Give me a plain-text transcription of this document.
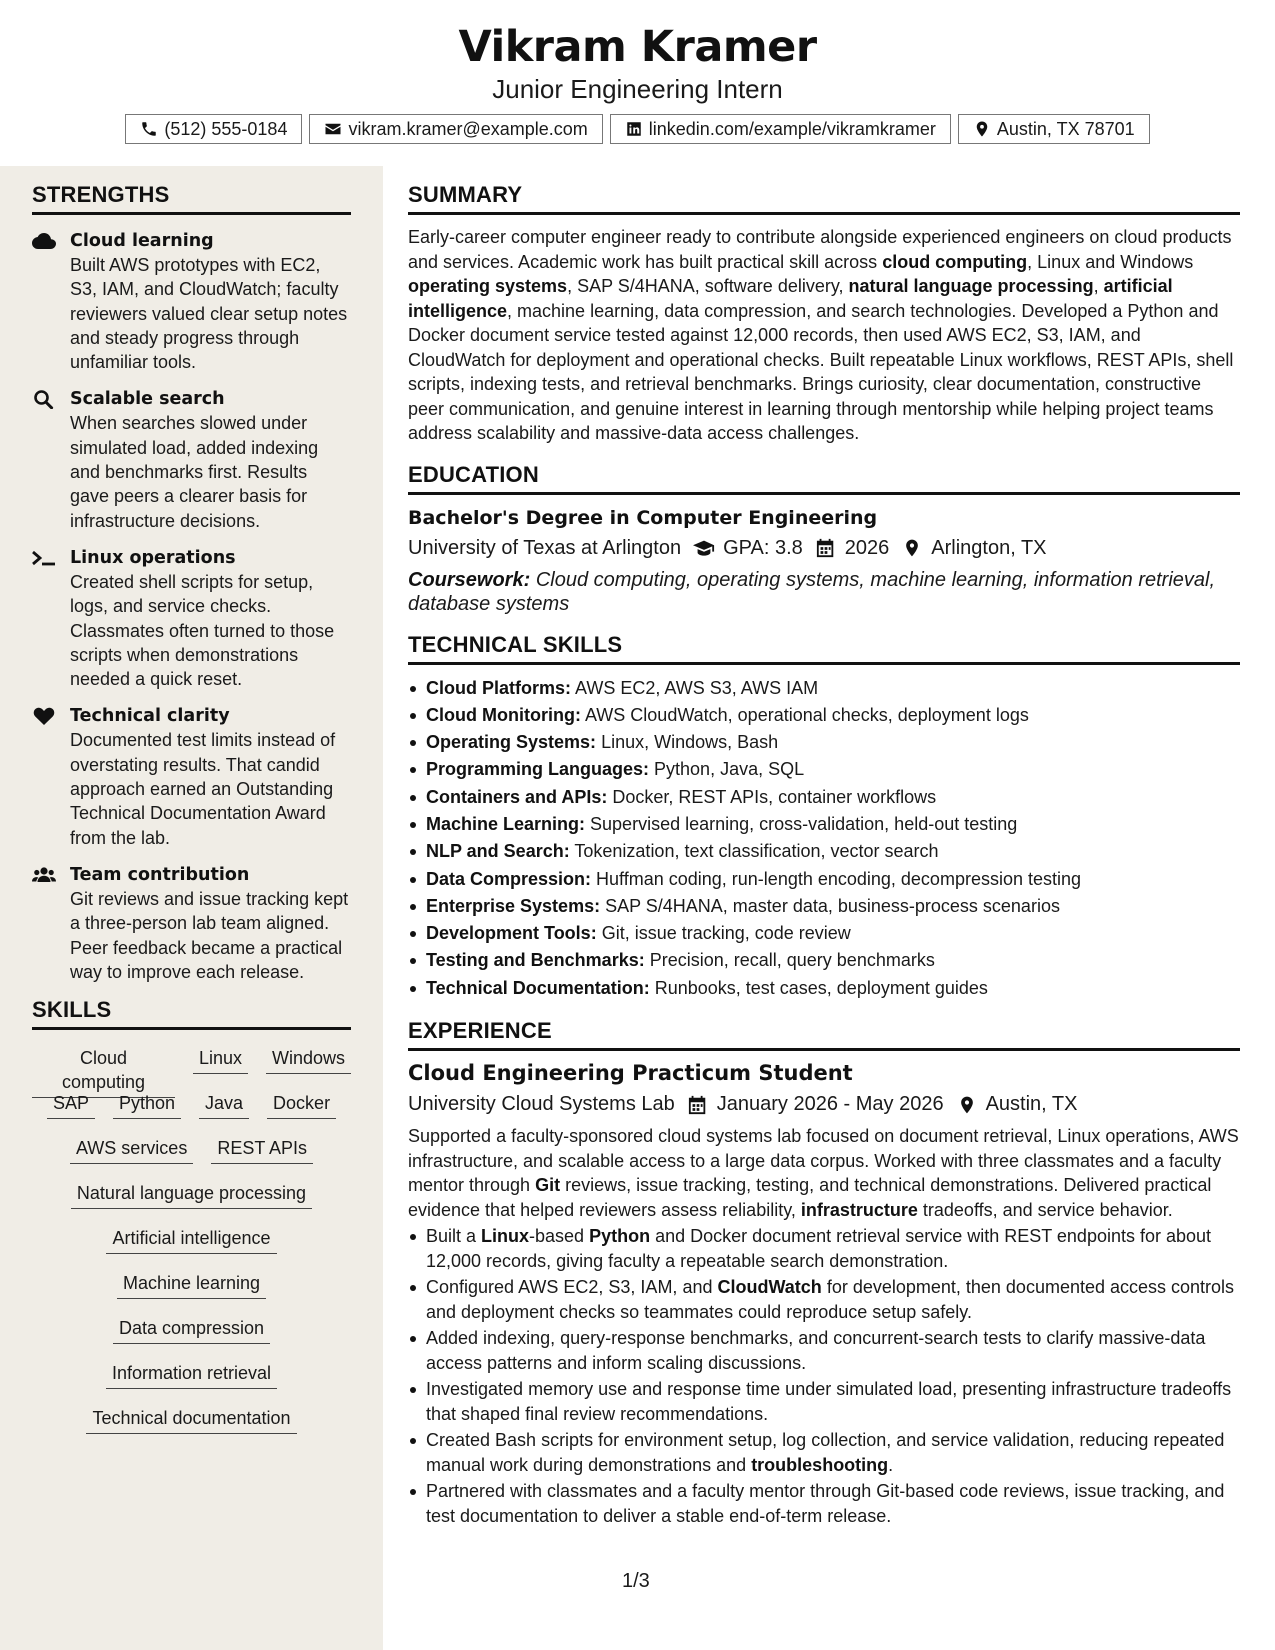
Vikram Kramer
Junior Engineering Intern
(512) 555-0184	vikram.kramer@example.com	linkedin.com/example/vikramkramer	Austin, TX 78701
STRENGTHS
Cloud learning
Built AWS prototypes with EC2, S3, IAM, and CloudWatch; faculty reviewers valued clear setup notes and steady progress through unfamiliar tools.
Scalable search
When searches slowed under simulated load, added indexing and benchmarks first. Results gave peers a clearer basis for infrastructure decisions.
Linux operations
Created shell scripts for setup, logs, and service checks. Classmates often turned to those scripts when demonstrations needed a quick reset.
Technical clarity
Documented test limits instead of overstating results. That candid approach earned an Outstanding Technical Documentation Award from the lab.
Team contribution
Git reviews and issue tracking kept a three-person lab team aligned. Peer feedback became a practical way to improve each release.
SKILLS
Cloud computing
Linux	Windows
SAP	Python	Java	Docker
AWS services	REST APIs
Natural language processing
Artificial intelligence
Machine learning
Data compression
Information retrieval
Technical documentation
SUMMARY
Early-career computer engineer ready to contribute alongside experienced engineers on cloud products and services. Academic work has built practical skill across cloud computing, Linux and Windows operating systems, SAP S/4HANA, software delivery, natural language processing, artificial intelligence, machine learning, data compression, and search technologies. Developed a Python and Docker document service tested against 12,000 records, then used AWS EC2, S3, IAM, and CloudWatch for deployment and operational checks. Built repeatable Linux workflows, REST APIs, shell scripts, indexing tests, and retrieval benchmarks. Brings curiosity, clear documentation, constructive peer communication, and genuine interest in learning through mentorship while helping project teams address scalability and massive-data access challenges.
EDUCATION
Bachelor's Degree in Computer Engineering
University of Texas at Arlington GPA: 3.8 2026 Arlington, TX
Coursework: Cloud computing, operating systems, machine learning, information retrieval, database systems
TECHNICAL SKILLS
Cloud Platforms: AWS EC2, AWS S3, AWS IAM
Cloud Monitoring: AWS CloudWatch, operational checks, deployment logs
Operating Systems: Linux, Windows, Bash
Programming Languages: Python, Java, SQL
Containers and APIs: Docker, REST APIs, container workflows
Machine Learning: Supervised learning, cross-validation, held-out testing
NLP and Search: Tokenization, text classification, vector search
Data Compression: Huffman coding, run-length encoding, decompression testing
Enterprise Systems: SAP S/4HANA, master data, business-process scenarios
Development Tools: Git, issue tracking, code review
Testing and Benchmarks: Precision, recall, query benchmarks
Technical Documentation: Runbooks, test cases, deployment guides
EXPERIENCE
Cloud Engineering Practicum Student
University Cloud Systems Lab January 2026 - May 2026 Austin, TX
Supported a faculty-sponsored cloud systems lab focused on document retrieval, Linux operations, AWS infrastructure, and scalable access to a large data corpus. Worked with three classmates and a faculty mentor through Git reviews, issue tracking, testing, and technical demonstrations. Delivered practical evidence that helped reviewers assess reliability, infrastructure tradeoffs, and service behavior.
Built a Linux-based Python and Docker document retrieval service with REST endpoints for about 12,000 records, giving faculty a repeatable search demonstration.
Configured AWS EC2, S3, IAM, and CloudWatch for development, then documented access controls and deployment checks so teammates could reproduce setup safely.
Added indexing, query-response benchmarks, and concurrent-search tests to clarify massive-data access patterns and inform scaling discussions.
Investigated memory use and response time under simulated load, presenting infrastructure tradeoffs that shaped final review recommendations.
Created Bash scripts for environment setup, log collection, and service validation, reducing repeated manual work during demonstrations and troubleshooting.
Partnered with classmates and a faculty mentor through Git-based code reviews, issue tracking, and test documentation to deliver a stable end-of-term release.
1/3
